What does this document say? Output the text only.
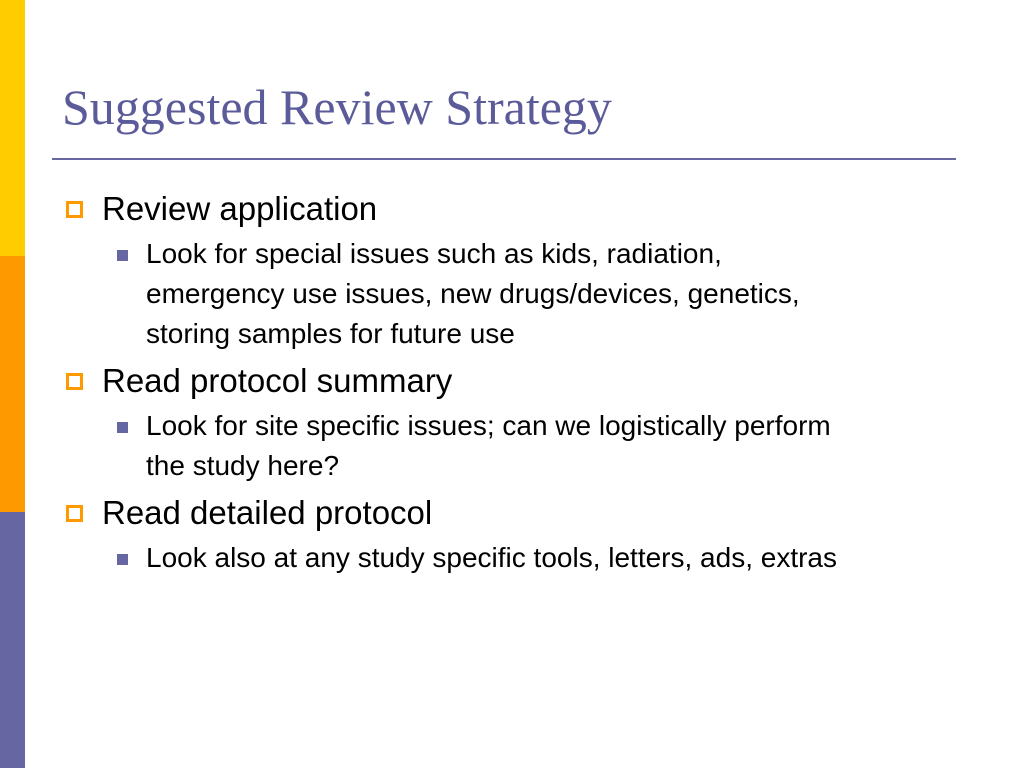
Suggested Review Strategy
Review application
Look for special issues such as kids, radiation, emergency use issues, new drugs/devices, genetics, storing samples for future use
Read protocol summary
Look for site specific issues; can we logistically perform the study here?
Read detailed protocol
Look also at any study specific tools, letters, ads, extras
